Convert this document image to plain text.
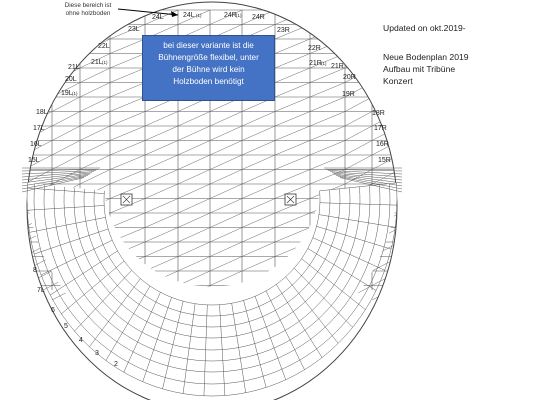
24L
23L
22L
21L (1)
21L
20L
19L (1)
18L
17L
16L
15L
24L (1)	24R (1) 24R
23R
22R
21R (1) 21R
20R
19R
18R
17R
16R
15R
8
7L
6
5
4
3
2
Diese bereich ist
ohne holzboden
bei dieser variante ist die
Bühnengröße flexibel, unter
der Bühne wird kein
Holzboden benötigt
Updated on okt.2019-
Neue Bodenplan 2019
Aufbau mit Tribüne
Konzert
